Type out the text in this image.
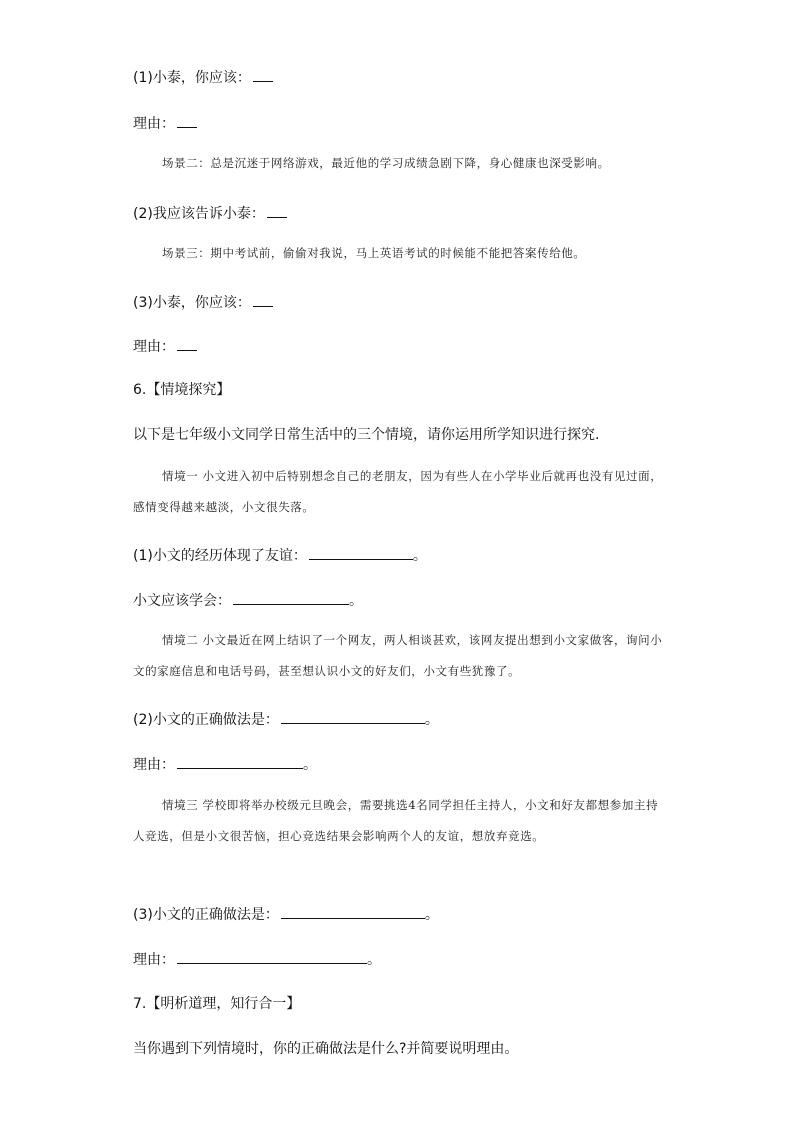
(1)小泰，你应该：
理由：
场景二：总是沉迷于网络游戏，最近他的学习成绩急剧下降，身心健康也深受影响。
(2)我应该告诉小泰：
场景三：期中考试前，偷偷对我说，马上英语考试的时候能不能把答案传给他。
(3)小泰，你应该：
理由：
6.【情境探究】
以下是七年级小文同学日常生活中的三个情境，请你运用所学知识进行探究.
情境一 小文进入初中后特别想念自己的老朋友，因为有些人在小学毕业后就再也没有见过面，感情变得越来越淡，小文很失落。
(1)小文的经历体现了友谊：	。
小文应该学会：	。
情境二 小文最近在网上结识了一个网友，两人相谈甚欢，该网友提出想到小文家做客，询问小文的家庭信息和电话号码，甚至想认识小文的好友们，小文有些犹豫了。
(2)小文的正确做法是：	。
理由：	。
情境三 学校即将举办校级元旦晚会，需要挑选4名同学担任主持人，小文和好友都想参加主持人竞选，但是小文很苦恼，担心竞选结果会影响两个人的友谊，想放弃竞选。
(3)小文的正确做法是：	。
理由：	。
7.【明析道理，知行合一】
当你遇到下列情境时，你的正确做法是什么?并简要说明理由。
